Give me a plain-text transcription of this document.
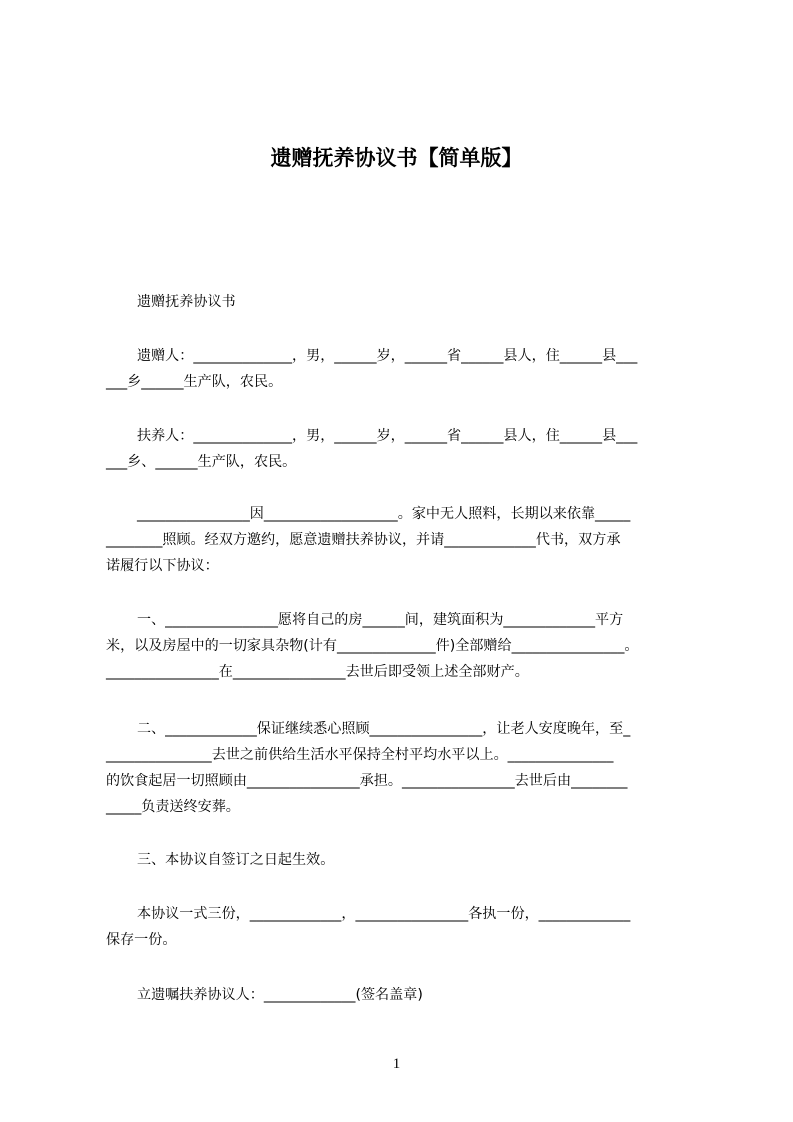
遗赠抚养协议书【简单版】
遗赠抚养协议书
遗赠人：______________，男，______岁，______省______县人，住______县___
___乡______生产队，农民。
扶养人：______________，男，______岁，______省______县人，住______县___
___乡、______生产队，农民。
________________因___________________。家中无人照料，长期以来依靠_____
________照顾。经双方邀约，愿意遗赠扶养协议，并请_____________代书，双方承
诺履行以下协议：
一、________________愿将自己的房______间，建筑面积为_____________平方
米，以及房屋中的一切家具杂物(计有______________件)全部赠给________________。
________________在________________去世后即受领上述全部财产。
二、_____________保证继续悉心照顾________________，让老人安度晚年，至_
_______________去世之前供给生活水平保持全村平均水平以上。_______________
的饮食起居一切照顾由________________承担。________________去世后由________
_____负责送终安葬。
三、本协议自签订之日起生效。
本协议一式三份，_____________，________________各执一份，_____________
保存一份。
立遗嘱扶养协议人：_____________(签名盖章)
1
